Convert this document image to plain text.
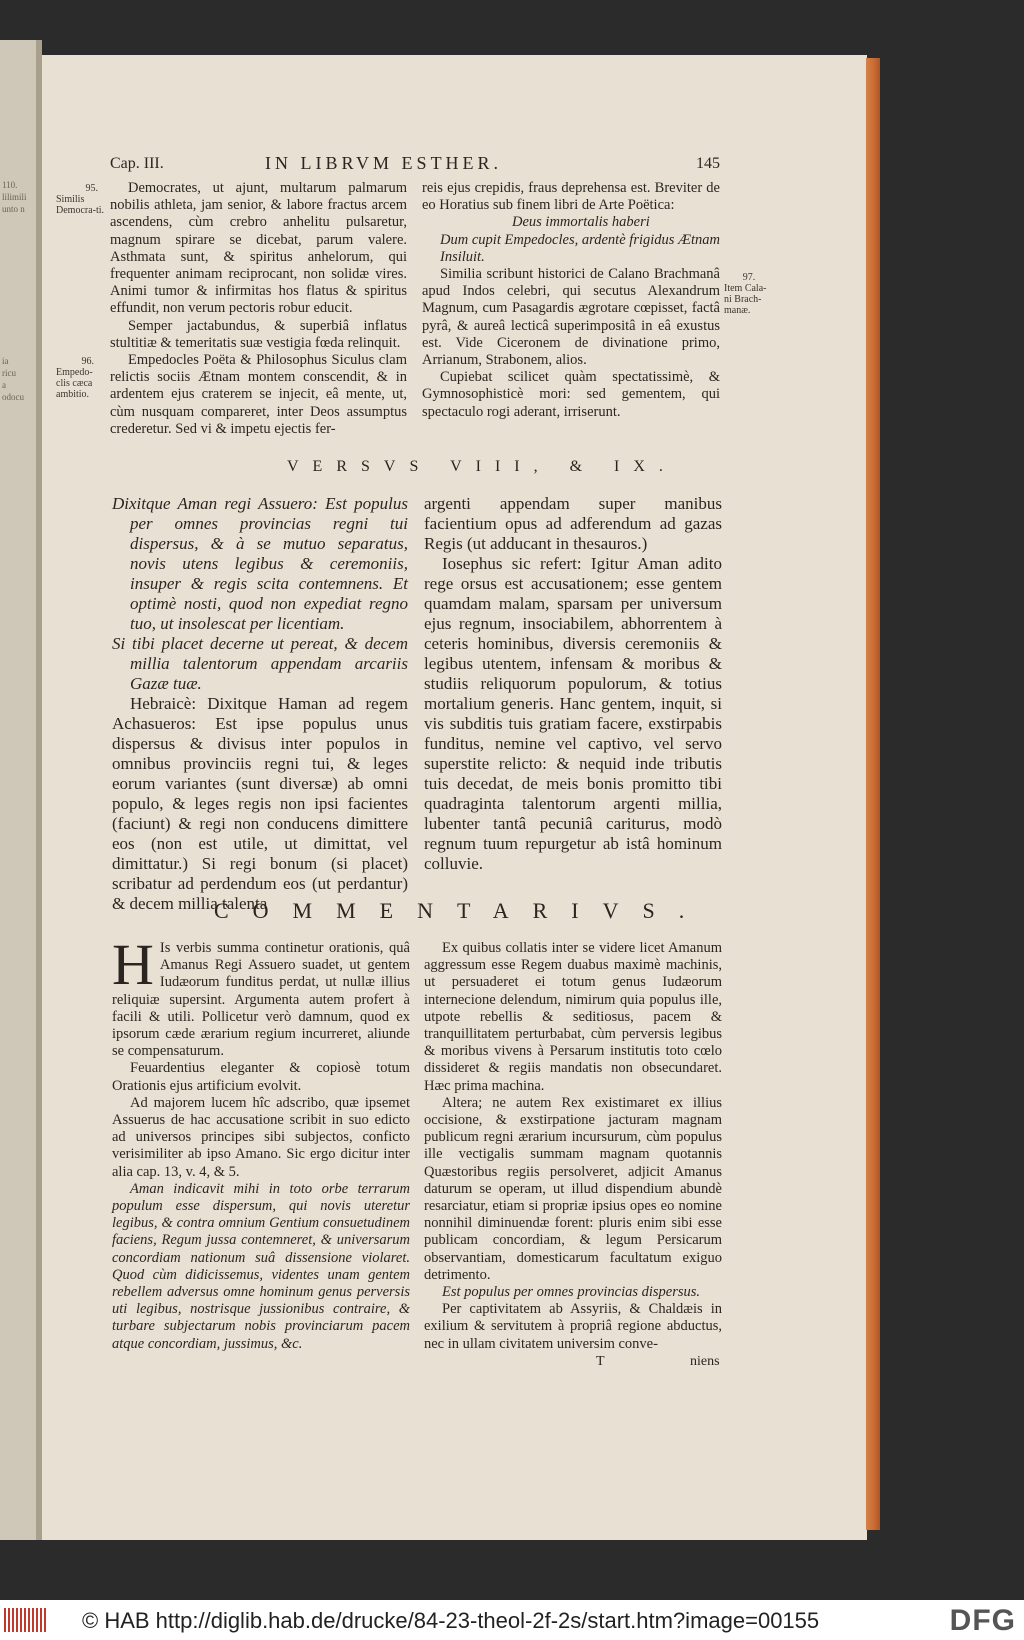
110.
lilimili
unto n
ia
ricu
a
odocu
Cap. III.	IN LIBRVM ESTHER.	145
95.
Similis Democra-ti.
96.
Empedo-clis cæca ambitio.
97.
Item Cala-ni Brach-manæ.

Democrates, ut ajunt, multarum palmarum nobilis athleta, jam senior, & labore fractus arcem ascendens, cùm crebro anhelitu pulsaretur, magnum spirare se dicebat, parum valere. Asthmata sunt, & spiritus anhelorum, qui frequenter animam reciprocant, non solidæ vires. Animi tumor & infirmitas hos flatus & spiritus effundit, non verum pectoris robur educit.

Semper jactabundus, & superbiâ inflatus stultitiæ & temeritatis suæ vestigia fœda relinquit.

Empedocles Poëta & Philosophus Siculus clam relictis sociis Ætnam montem conscendit, & in ardentem ejus craterem se injecit, eâ mente, ut, cùm nusquam compareret, inter Deos assumptus crederetur. Sed vi & impetu ejectis fer-

reis ejus crepidis, fraus deprehensa est. Breviter de eo Horatius sub finem libri de Arte Poëtica:

Deus immortalis haberi

Dum cupit Empedocles, ardentè frigidus Ætnam Insiluit.

Similia scribunt historici de Calano Brachmanâ apud Indos celebri, qui secutus Alexandrum Magnum, cum Pasagardis ægrotare cœpisset, factâ pyrâ, & aureâ lecticâ superimpositâ in eâ exustus est. Vide Ciceronem de divinatione primo, Arrianum, Strabonem, alios.

Cupiebat scilicet quàm spectatissimè, & Gymnosophisticè mori: sed gementem, qui spectaculo rogi aderant, irriserunt.

VERSVS VIII, & IX.

Dixitque Aman regi Assuero: Est populus per omnes provincias regni tui dispersus, & à se mutuo separatus, novis utens legibus & ceremoniis, insuper & regis scita contemnens. Et optimè nosti, quod non expediat regno tuo, ut insolescat per licentiam.

Si tibi placet decerne ut pereat, & decem millia talentorum appendam arcariis Gazæ tuæ.

Hebraicè: Dixitque Haman ad regem Achasueros: Est ipse populus unus dispersus & divisus inter populos in omnibus provinciis regni tui, & leges eorum variantes (sunt diversæ) ab omni populo, & leges regis non ipsi facientes (faciunt) & regi non conducens dimittere eos (non est utile, ut dimittat, vel dimittatur.) Si regi bonum (si placet) scribatur ad perdendum eos (ut perdantur) & decem millia talenta

argenti appendam super manibus facientium opus ad adferendum ad gazas Regis (ut adducant in thesauros.)

Iosephus sic refert: Igitur Aman adito rege orsus est accusationem; esse gentem quamdam malam, sparsam per universum ejus regnum, insociabilem, abhorrentem à ceteris hominibus, diversis ceremoniis & legibus utentem, infensam & moribus & studiis reliquorum populorum, & totius mortalium generis. Hanc gentem, inquit, si vis subditis tuis gratiam facere, exstirpabis funditus, nemine vel captivo, vel servo superstite relicto: & nequid inde tributis tuis decedat, de meis bonis promitto tibi quadraginta talentorum argenti millia, lubenter tantâ pecuniâ cariturus, modò regnum tuum repurgetur ab istâ hominum colluvie.

COMMENTARIVS.

H Is verbis summa continetur orationis, quâ Amanus Regi Assuero suadet, ut gentem Iudæorum funditus perdat, ut nullæ illius reliquiæ supersint. Argumenta autem profert à facili & utili. Pollicetur verò damnum, quod ex ipsorum cæde ærarium regium incurreret, aliunde se compensaturum.

Feuardentius eleganter & copiosè totum Orationis ejus artificium evolvit.

Ad majorem lucem hîc adscribo, quæ ipsemet Assuerus de hac accusatione scribit in suo edicto ad universos principes sibi subjectos, confictо verisimiliter ab ipso Amano. Sic ergo dicitur inter alia cap. 13, v. 4, & 5.

Aman indicavit mihi in toto orbe terrarum populum esse dispersum, qui novis uteretur legibus, & contra omnium Gentium consuetudinem faciens, Regum jussa contemneret, & universarum concordiam nationum suâ dissensione violaret. Quod cùm didicissemus, videntes unam gentem rebellem adversus omne hominum genus perversis uti legibus, nostrisque jussionibus contraire, & turbare subjectarum nobis provinciarum pacem atque concordiam, jussimus, &c.

Ex quibus collatis inter se videre licet Amanum aggressum esse Regem duabus maximè machinis, ut persuaderet ei totum genus Iudæorum internecione delendum, nimirum quia populus ille, utpote rebellis & seditiosus, pacem & tranquillitatem perturbabat, cùm perversis legibus & moribus vivens à Persarum institutis toto cœlo dissideret & regiis mandatis non obsecundaret. Hæc prima machina.

Altera; ne autem Rex existimaret ex illius occisione, & exstirpatione jacturam magnam publicum regni ærarium incursurum, cùm populus ille vectigalis summam magnam quotannis Quæstoribus regiis persolveret, adjicit Amanus daturum se operam, ut illud dispendium abundè resarciatur, etiam si propriæ ipsius opes eo nomine nonnihil diminuendæ forent: pluris enim sibi esse publicam concordiam, & legum Persicarum observantiam, domesticarum facultatum exiguo detrimento.

Est populus per omnes provincias dispersus.

Per captivitatem ab Assyriis, & Chaldæis in exilium & servitutem à propriâ regione abductus, nec in ullam civitatem universim conve-

T	niens
© HAB http://diglib.hab.de/drucke/84-23-theol-2f-2s/start.htm?image=00155	DFG
